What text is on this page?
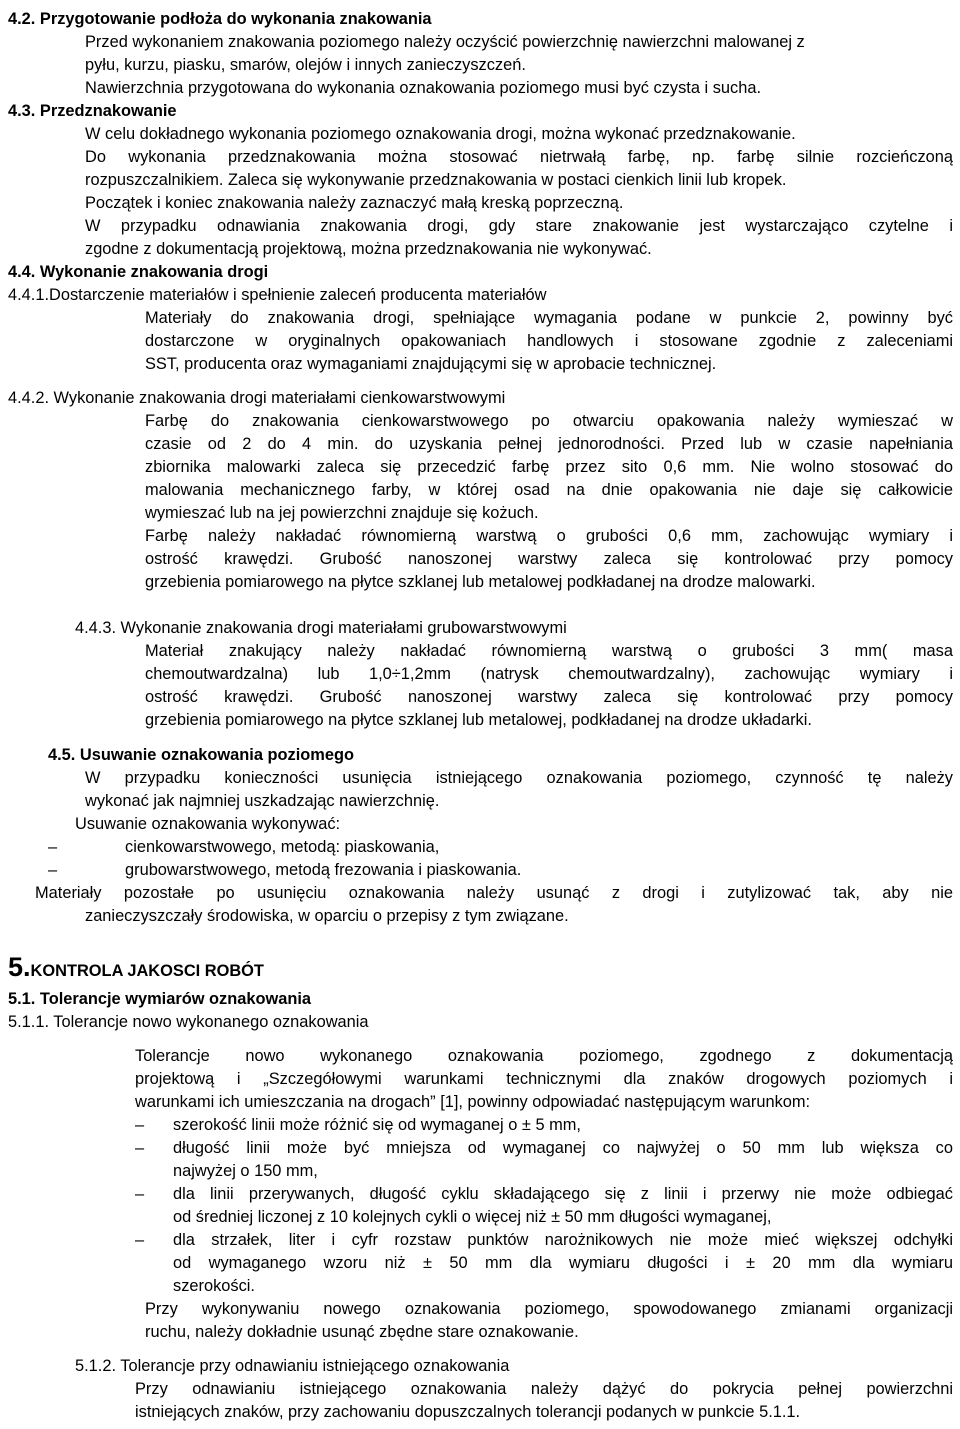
4.2. Przygotowanie podłoża do wykonania znakowania
Przed wykonaniem znakowania poziomego należy oczyścić powierzchnię nawierzchni malowanej z
pyłu, kurzu, piasku, smarów, olejów i innych zanieczyszczeń.
Nawierzchnia przygotowana do wykonania oznakowania poziomego musi być czysta i sucha.
4.3. Przedznakowanie
W celu dokładnego wykonania poziomego oznakowania drogi, można wykonać przedznakowanie.
Do wykonania przedznakowania można stosować nietrwałą farbę, np. farbę silnie rozcieńczoną
rozpuszczalnikiem. Zaleca się wykonywanie przedznakowania w postaci cienkich linii lub kropek.
Początek i koniec znakowania należy zaznaczyć małą kreską poprzeczną.
W przypadku odnawiania znakowania drogi, gdy stare znakowanie jest wystarczająco czytelne i
zgodne z dokumentacją projektową, można przedznakowania nie wykonywać.
4.4. Wykonanie znakowania drogi
4.4.1.Dostarczenie materiałów i spełnienie zaleceń producenta materiałów
Materiały do znakowania drogi, spełniające wymagania podane w punkcie 2, powinny być
dostarczone w oryginalnych opakowaniach handlowych i stosowane zgodnie z zaleceniami
SST, producenta oraz wymaganiami znajdującymi się w aprobacie technicznej.
4.4.2. Wykonanie znakowania drogi materiałami cienkowarstwowymi
Farbę do znakowania cienkowarstwowego po otwarciu opakowania należy wymieszać w
czasie od 2 do 4 min. do uzyskania pełnej jednorodności. Przed lub w czasie napełniania
zbiornika malowarki zaleca się przecedzić farbę przez sito 0,6 mm. Nie wolno stosować do
malowania mechanicznego farby, w której osad na dnie opakowania nie daje się całkowicie
wymieszać lub na jej powierzchni znajduje się kożuch.
Farbę należy nakładać równomierną warstwą o grubości 0,6 mm, zachowując wymiary i
ostrość krawędzi. Grubość nanoszonej warstwy zaleca się kontrolować przy pomocy
grzebienia pomiarowego na płytce szklanej lub metalowej podkładanej na drodze malowarki.
4.4.3. Wykonanie znakowania drogi materiałami grubowarstwowymi
Materiał znakujący należy nakładać równomierną warstwą o grubości 3 mm( masa
chemoutwardzalna) lub 1,0÷1,2mm (natrysk chemoutwardzalny), zachowując wymiary i
ostrość krawędzi. Grubość nanoszonej warstwy zaleca się kontrolować przy pomocy
grzebienia pomiarowego na płytce szklanej lub metalowej, podkładanej na drodze układarki.
4.5. Usuwanie oznakowania poziomego
W przypadku konieczności usunięcia istniejącego oznakowania poziomego, czynność tę należy
wykonać jak najmniej uszkadzając nawierzchnię.
Usuwanie oznakowania wykonywać:
–	cienkowarstwowego, metodą: piaskowania,
–	grubowarstwowego, metodą frezowania i piaskowania.
Materiały pozostałe po usunięciu oznakowania należy usunąć z drogi i zutylizować tak, aby nie
zanieczyszczały środowiska, w oparciu o przepisy z tym związane.
5.KONTROLA JAKOSCI ROBÓT
5.1. Tolerancje wymiarów oznakowania
5.1.1. Tolerancje nowo wykonanego oznakowania
Tolerancje nowo wykonanego oznakowania poziomego, zgodnego z dokumentacją
projektową i „Szczegółowymi warunkami technicznymi dla znaków drogowych poziomych i
warunkami ich umieszczania na drogach” [1], powinny odpowiadać następującym warunkom:
– szerokość linii może różnić się od wymaganej o ± 5 mm,
– długość linii może być mniejsza od wymaganej co najwyżej o 50 mm lub większa co
najwyżej o 150 mm,
– dla linii przerywanych, długość cyklu składającego się z linii i przerwy nie może odbiegać
od średniej liczonej z 10 kolejnych cykli o więcej niż ± 50 mm długości wymaganej,
– dla strzałek, liter i cyfr rozstaw punktów narożnikowych nie może mieć większej odchyłki
od wymaganego wzoru niż ± 50 mm dla wymiaru długości i ± 20 mm dla wymiaru
szerokości.
Przy wykonywaniu nowego oznakowania poziomego, spowodowanego zmianami organizacji
ruchu, należy dokładnie usunąć zbędne stare oznakowanie.
5.1.2. Tolerancje przy odnawianiu istniejącego oznakowania
Przy odnawianiu istniejącego oznakowania należy dążyć do pokrycia pełnej powierzchni
istniejących znaków, przy zachowaniu dopuszczalnych tolerancji podanych w punkcie 5.1.1.
